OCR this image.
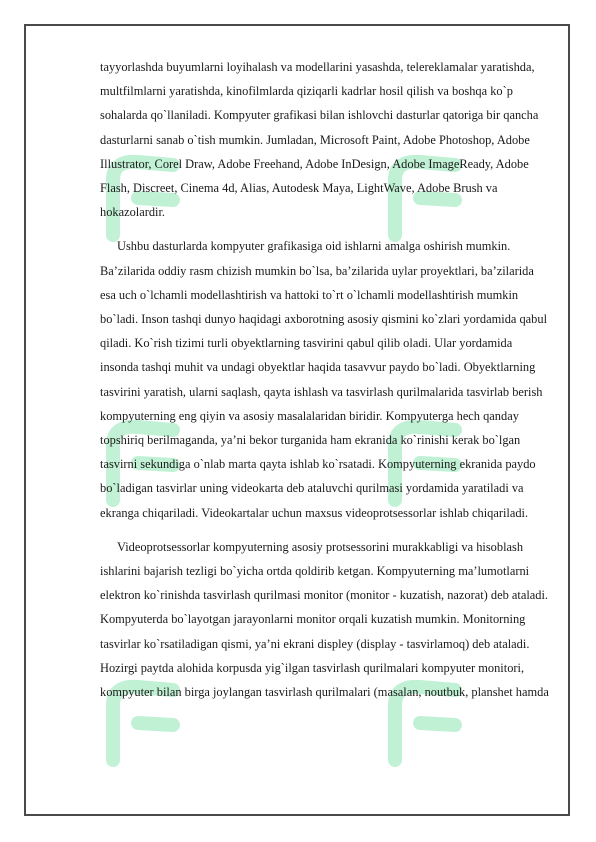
tayyorlashda buyumlarni loyihalash va modellarini yasashda, telereklamalar yaratishda, multfilmlarni yaratishda, kinofilmlarda qiziqarli kadrlar hosil qilish va boshqa ko`p sohalarda qo`llaniladi. Kompyuter grafikasi bilan ishlovchi dasturlar qatoriga bir qancha dasturlarni sanab o`tish mumkin. Jumladan, Microsoft Paint, Adobe Photoshop, Adobe Illustrator, Corel Draw, Adobe Freehand, Adobe InDesign, Adobe ImageReady, Adobe Flash, Discreet, Cinema 4d, Alias, Autodesk Maya, LightWave, Adobe Brush va hokazolardir.

Ushbu dasturlarda kompyuter grafikasiga oid ishlarni amalga oshirish mumkin. Ba’zilarida oddiy rasm chizish mumkin bo`lsa, ba’zilarida uylar proyektlari, ba’zilarida esa uch o`lchamli modellashtirish va hattoki to`rt o`lchamli modellashtirish mumkin bo`ladi. Inson tashqi dunyo haqidagi axborotning asosiy qismini ko`zlari yordamida qabul qiladi. Ko`rish tizimi turli obyektlarning tasvirini qabul qilib oladi. Ular yordamida insonda tashqi muhit va undagi obyektlar haqida tasavvur paydo bo`ladi. Obyektlarning tasvirini yaratish, ularni saqlash, qayta ishlash va tasvirlash qurilmalarida tasvirlab berish kompyuterning eng qiyin va asosiy masalalaridan biridir. Kompyuterga hech qanday topshiriq berilmaganda, ya’ni bekor turganida ham ekranida ko`rinishi kerak bo`lgan tasvirni sekundiga o`nlab marta qayta ishlab ko`rsatadi. Kompyuterning ekranida paydo bo`ladigan tasvirlar uning videokarta deb ataluvchi qurilmasi yordamida yaratiladi va ekranga chiqariladi. Videokartalar uchun maxsus videoprotsessorlar ishlab chiqariladi.

Videoprotsessorlar kompyuterning asosiy protsessorini murakkabligi va hisoblash ishlarini bajarish tezligi bo`yicha ortda qoldirib ketgan. Kompyuterning ma’lumotlarni elektron ko`rinishda tasvirlash qurilmasi monitor (monitor - kuzatish, nazorat) deb ataladi. Kompyuterda bo`layotgan jarayonlarni monitor orqali kuzatish mumkin. Monitorning tasvirlar ko`rsatiladigan qismi, ya’ni ekrani displey (display - tasvirlamoq) deb ataladi. Hozirgi paytda alohida korpusda yig`ilgan tasvirlash qurilmalari kompyuter monitori, kompyuter bilan birga joylangan tasvirlash qurilmalari (masalan, noutbuk, planshet hamda
